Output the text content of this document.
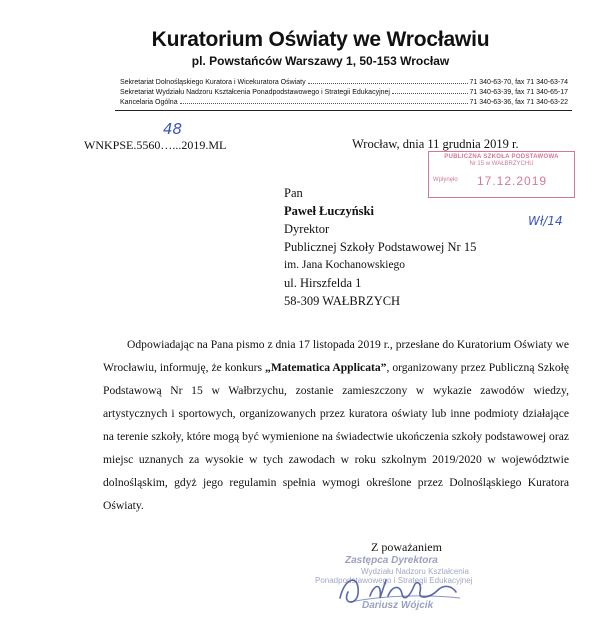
Kuratorium Oświaty we Wrocławiu
pl. Powstańców Warszawy 1, 50-153 Wrocław
Sekretariat Dolnośląskiego Kuratora i Wicekuratora Oświaty	71 340-63-70, fax 71 340-63-74
Sekretariat Wydziału Nadzoru Kształcenia Ponadpodstawowego i Strategii Edukacyjnej	71 340-63-39, fax 71 340-65-17
Kancelaria Ogólna	71 340-63-36, fax 71 340-63-22
WNKPSE.5560…...2019.ML
48
Wrocław, dnia 11 grudnia 2019 r.
PUBLICZNA SZKOŁA PODSTAWOWA
Nr 15 w WAŁBRZYCHU
Wpłynęło 17.12.2019
Pan
Paweł Łuczyński
Dyrektor
Publicznej Szkoły Podstawowej Nr 15
im. Jana Kochanowskiego
ul. Hirszfelda 1
58-309 WAŁBRZYCH
Wł/14
Odpowiadając na Pana pismo z dnia 17 listopada 2019 r., przesłane do Kuratorium Oświaty we Wrocławiu, informuję, że konkurs „Matematica Applicata”, organizowany przez Publiczną Szkołę Podstawową Nr 15 w Wałbrzychu, zostanie zamieszczony w wykazie zawodów wiedzy, artystycznych i sportowych, organizowanych przez kuratora oświaty lub inne podmioty działające na terenie szkoły, które mogą być wymienione na świadectwie ukończenia szkoły podstawowej oraz miejsc uznanych za wysokie w tych zawodach w roku szkolnym 2019/2020 w województwie dolnośląskim, gdyż jego regulamin spełnia wymogi określone przez Dolnośląskiego Kuratora Oświaty.
Z poważaniem
Zastępca Dyrektora
Wydziału Nadzoru Kształcenia
Ponadpodstawowego i Strategii Edukacyjnej
Dariusz Wójcik
